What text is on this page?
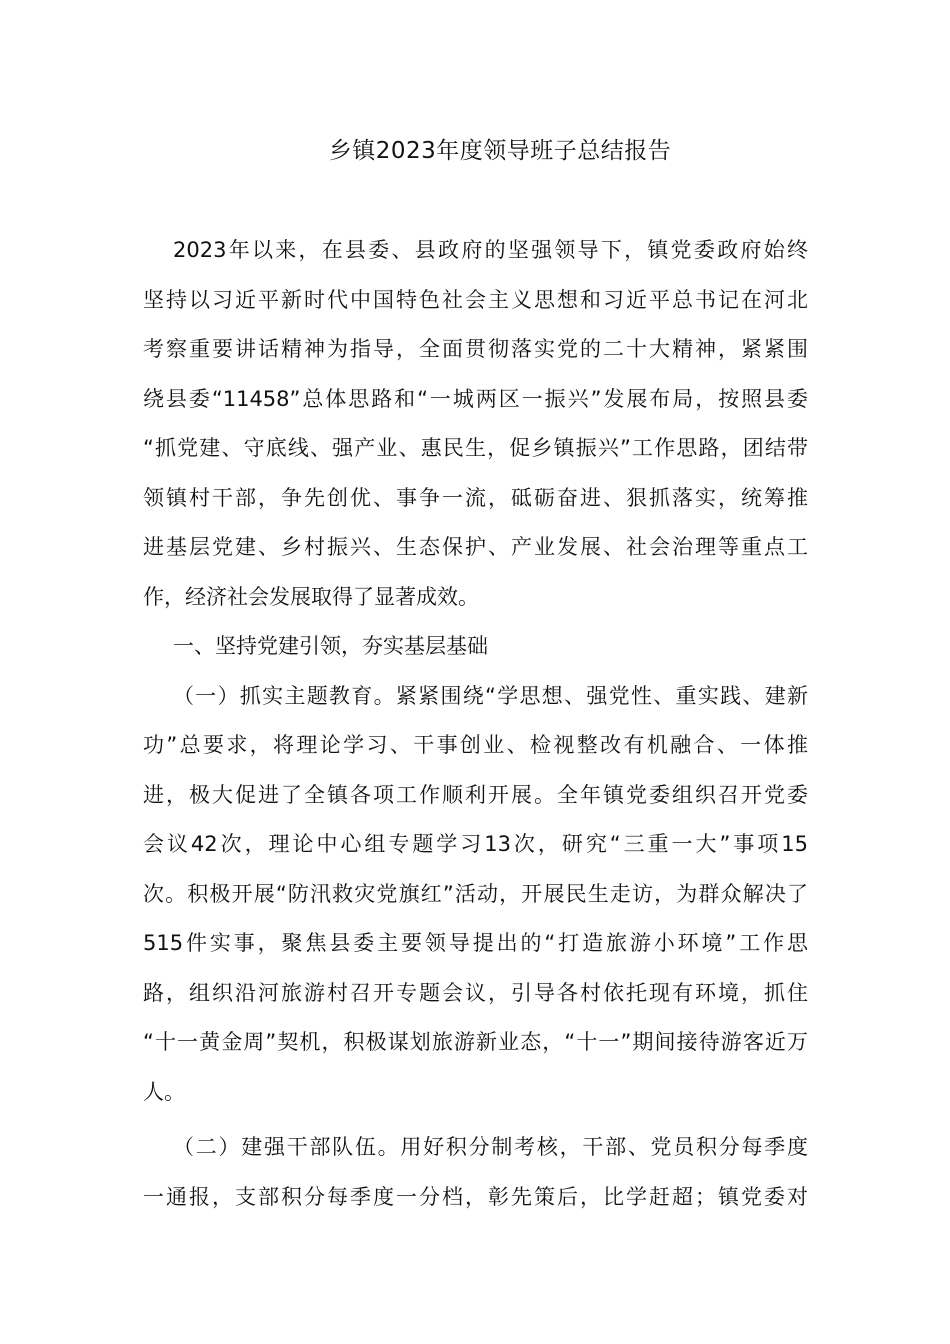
乡镇2023年度领导班子总结报告
2023年以来，在县委、县政府的坚强领导下，镇党委政府始终
坚持以习近平新时代中国特色社会主义思想和习近平总书记在河北
考察重要讲话精神为指导，全面贯彻落实党的二十大精神，紧紧围
绕县委“11458”总体思路和“一城两区一振兴”发展布局，按照县委
“抓党建、守底线、强产业、惠民生，促乡镇振兴”工作思路，团结带
领镇村干部，争先创优、事争一流，砥砺奋进、狠抓落实，统筹推
进基层党建、乡村振兴、生态保护、产业发展、社会治理等重点工
作，经济社会发展取得了显著成效。
一、坚持党建引领，夯实基层基础
（一）抓实主题教育。紧紧围绕“学思想、强党性、重实践、建新
功”总要求，将理论学习、干事创业、检视整改有机融合、一体推
进，极大促进了全镇各项工作顺利开展。全年镇党委组织召开党委
会议42次，理论中心组专题学习13次，研究“三重一大”事项15
次。积极开展“防汛救灾党旗红”活动，开展民生走访，为群众解决了
515件实事，聚焦县委主要领导提出的“打造旅游小环境”工作思
路，组织沿河旅游村召开专题会议，引导各村依托现有环境，抓住
“十一黄金周”契机，积极谋划旅游新业态，“十一”期间接待游客近万
人。
（二）建强干部队伍。用好积分制考核，干部、党员积分每季度
一通报，支部积分每季度一分档，彰先策后，比学赶超；镇党委对
